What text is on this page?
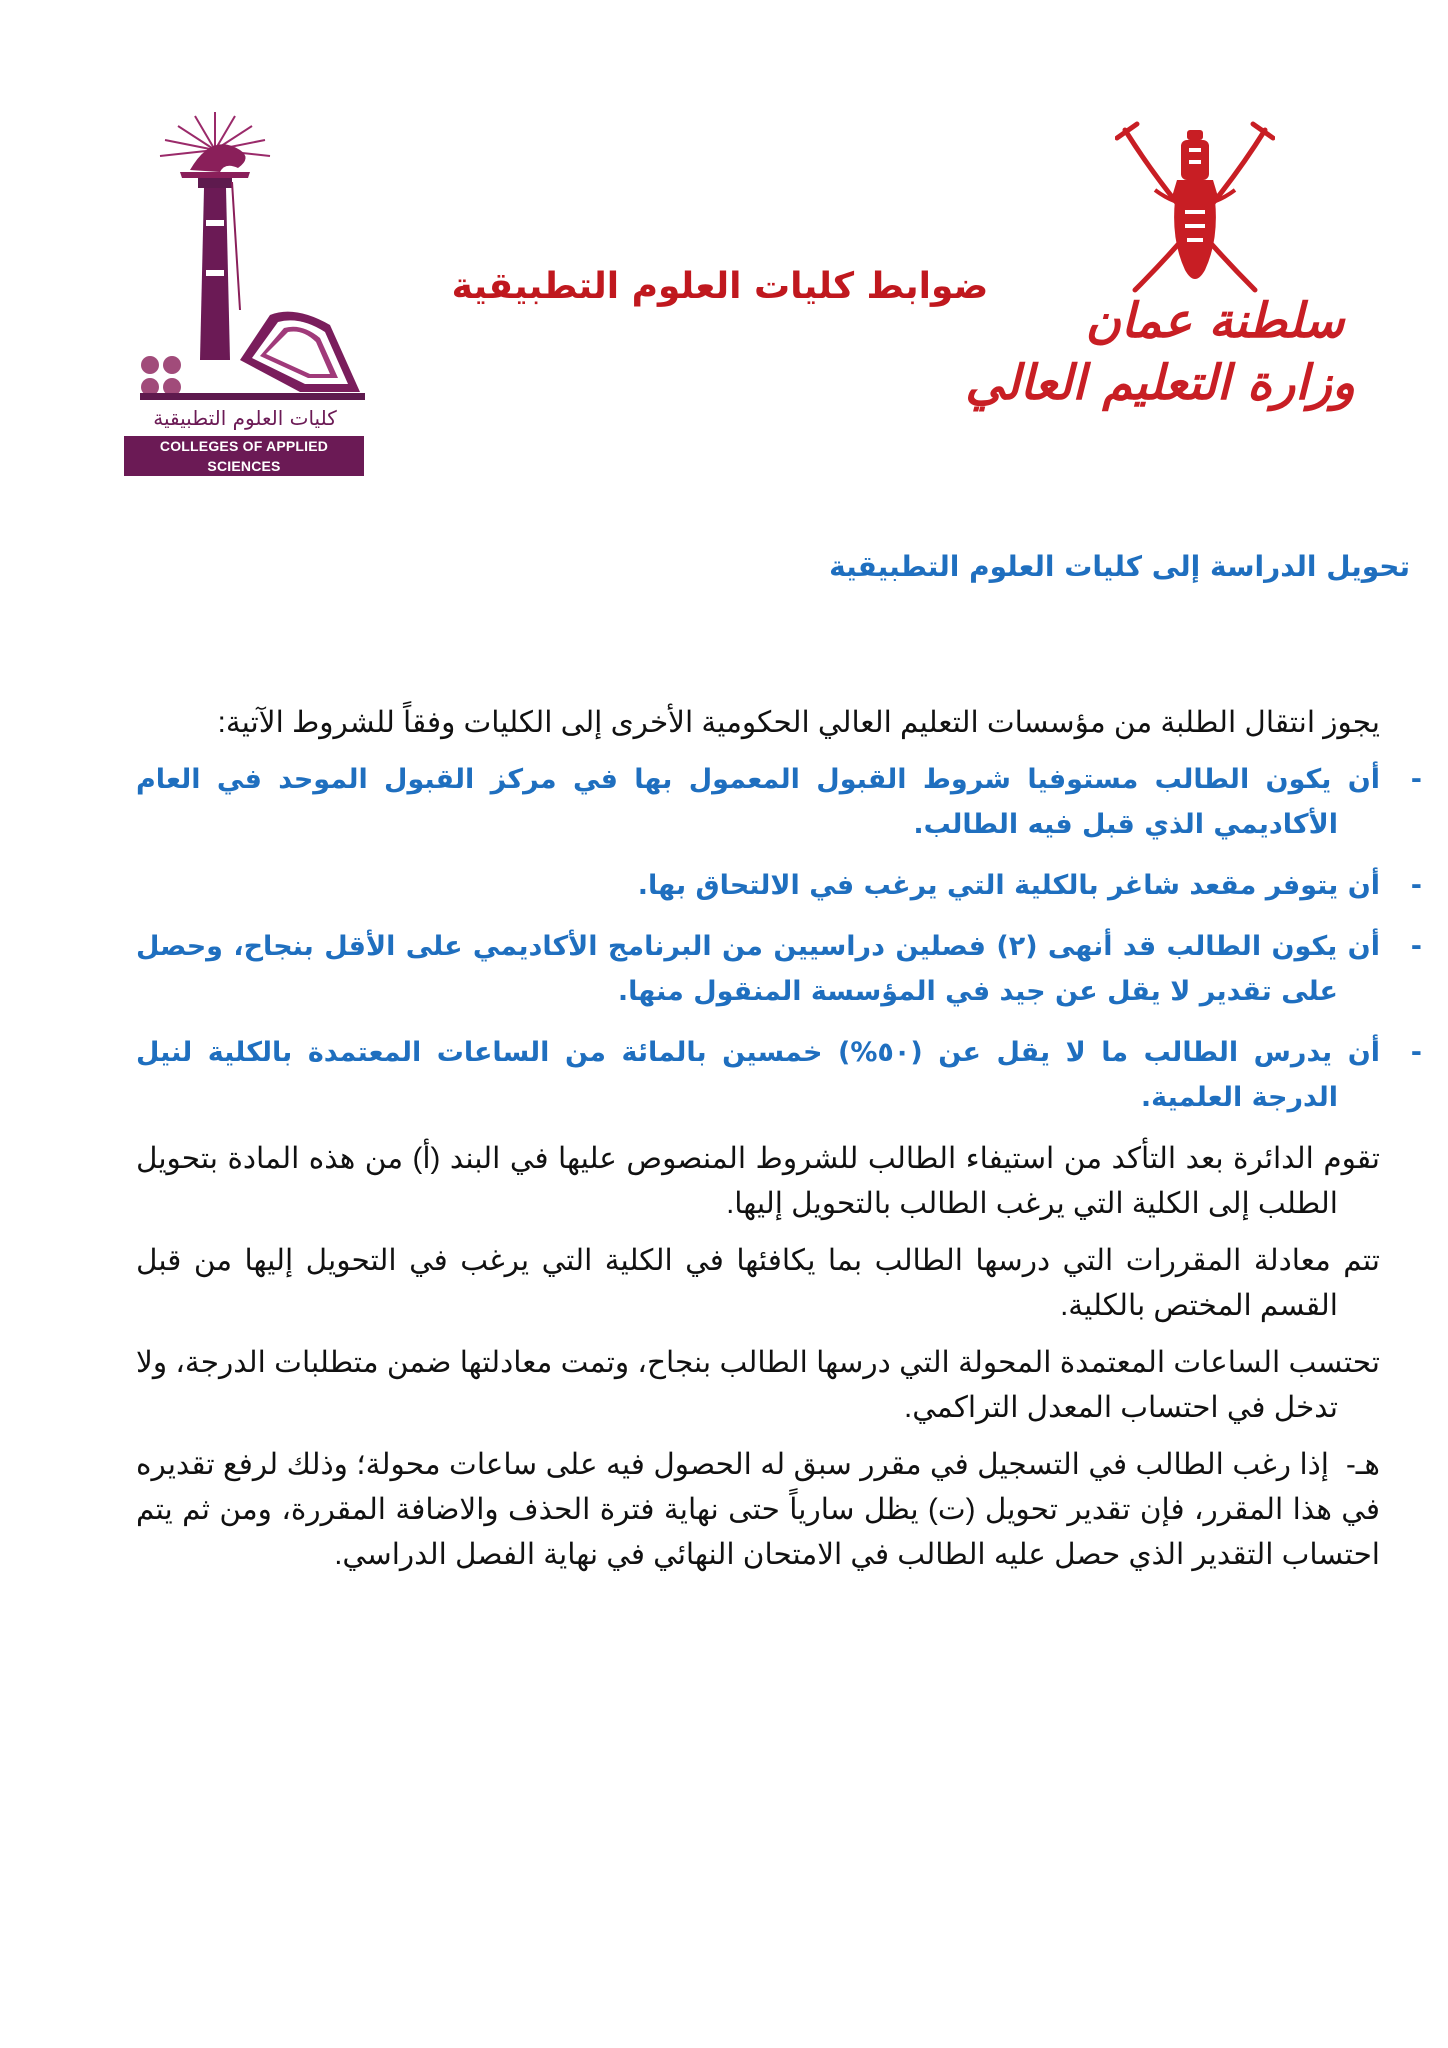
كليات العلوم التطبيقية
COLLEGES OF APPLIED SCIENCES
ضوابط كليات العلوم التطبيقية
سلطنة عمان
وزارة التعليم العالي
تحويل الدراسة إلى كليات العلوم التطبيقية

يجوز انتقال الطلبة من مؤسسات التعليم العالي الحكومية الأخرى إلى الكليات وفقاً للشروط الآتية:

-أن يكون الطالب مستوفيا شروط القبول المعمول بها في مركز القبول الموحد في العام الأكاديمي الذي قبل فيه الطالب.

-أن يتوفر مقعد شاغر بالكلية التي يرغب في الالتحاق بها.

-أن يكون الطالب قد أنهى (٢) فصلين دراسيين من البرنامج الأكاديمي على الأقل بنجاح، وحصل على تقدير لا يقل عن جيد في المؤسسة المنقول منها.

-أن يدرس الطالب ما لا يقل عن (٥٠%) خمسين بالمائة من الساعات المعتمدة بالكلية لنيل الدرجة العلمية.

تقوم الدائرة بعد التأكد من استيفاء الطالب للشروط المنصوص عليها في البند (أ) من هذه المادة بتحويل الطلب إلى الكلية التي يرغب الطالب بالتحويل إليها.

تتم معادلة المقررات التي درسها الطالب بما يكافئها في الكلية التي يرغب في التحويل إليها من قبل القسم المختص بالكلية.

تحتسب الساعات المعتمدة المحولة التي درسها الطالب بنجاح، وتمت معادلتها ضمن متطلبات الدرجة، ولا تدخل في احتساب المعدل التراكمي.

هـ-  إذا رغب الطالب في التسجيل في مقرر سبق له الحصول فيه على ساعات محولة؛ وذلك لرفع تقديره في هذا المقرر، فإن تقدير تحويل (ت) يظل سارياً حتى نهاية فترة الحذف والاضافة المقررة، ومن ثم يتم احتساب التقدير الذي حصل عليه الطالب في الامتحان النهائي في نهاية الفصل الدراسي.
